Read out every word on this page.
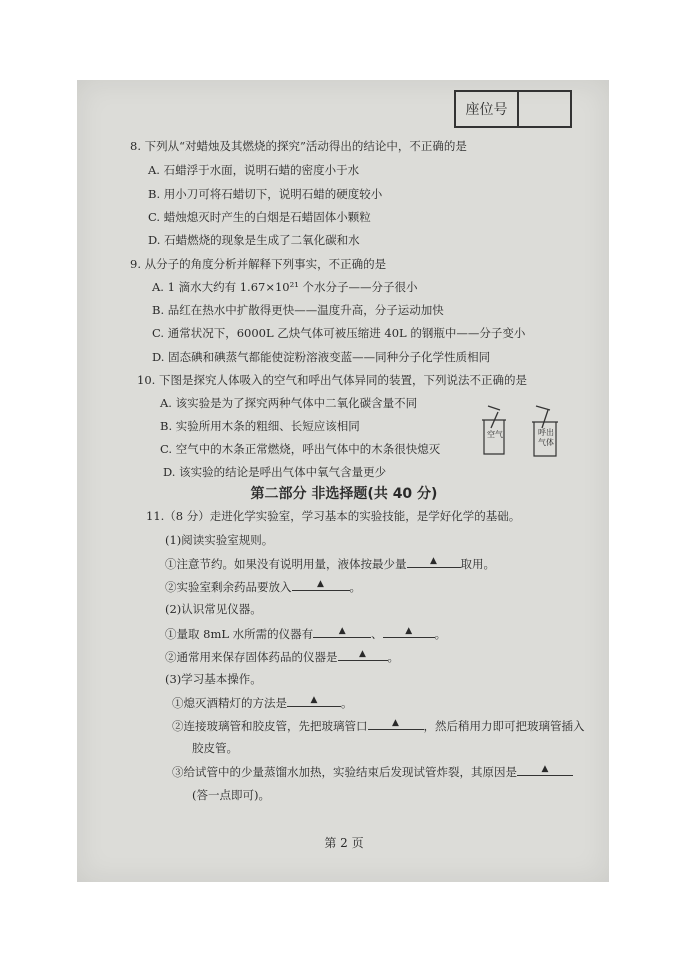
座位号
8. 下列从“对蜡烛及其燃烧的探究”活动得出的结论中，不正确的是
A. 石蜡浮于水面，说明石蜡的密度小于水
B. 用小刀可将石蜡切下，说明石蜡的硬度较小
C. 蜡烛熄灭时产生的白烟是石蜡固体小颗粒
D. 石蜡燃烧的现象是生成了二氧化碳和水
9. 从分子的角度分析并解释下列事实，不正确的是
A. 1 滴水大约有 1.67×10²¹ 个水分子——分子很小
B. 品红在热水中扩散得更快——温度升高，分子运动加快
C. 通常状况下，6000L 乙炔气体可被压缩进 40L 的钢瓶中——分子变小
D. 固态碘和碘蒸气都能使淀粉溶液变蓝——同种分子化学性质相同
10. 下图是探究人体吸入的空气和呼出气体异同的装置，下列说法不正确的是
A. 该实验是为了探究两种气体中二氧化碳含量不同
B. 实验所用木条的粗细、长短应该相同
C. 空气中的木条正常燃烧，呼出气体中的木条很快熄灭
D. 该实验的结论是呼出气体中氧气含量更少
空气	呼出气体
第二部分 非选择题(共 40 分)
11.（8 分）走进化学实验室，学习基本的实验技能，是学好化学的基础。
(1)阅读实验室规则。
①注意节约。如果没有说明用量，液体按最少量	▲ 取用。
②实验室剩余药品要放入	▲ 。
(2)认识常见仪器。
①量取 8mL 水所需的仪器有	▲ 、	▲ 。
②通常用来保存固体药品的仪器是 ▲ 。
(3)学习基本操作。
①熄灭酒精灯的方法是	▲ 。
②连接玻璃管和胶皮管，先把玻璃管口	▲ ，然后稍用力即可把玻璃管插入
胶皮管。
③给试管中的少量蒸馏水加热，实验结束后发现试管炸裂，其原因是	▲
(答一点即可)。
第 2 页
